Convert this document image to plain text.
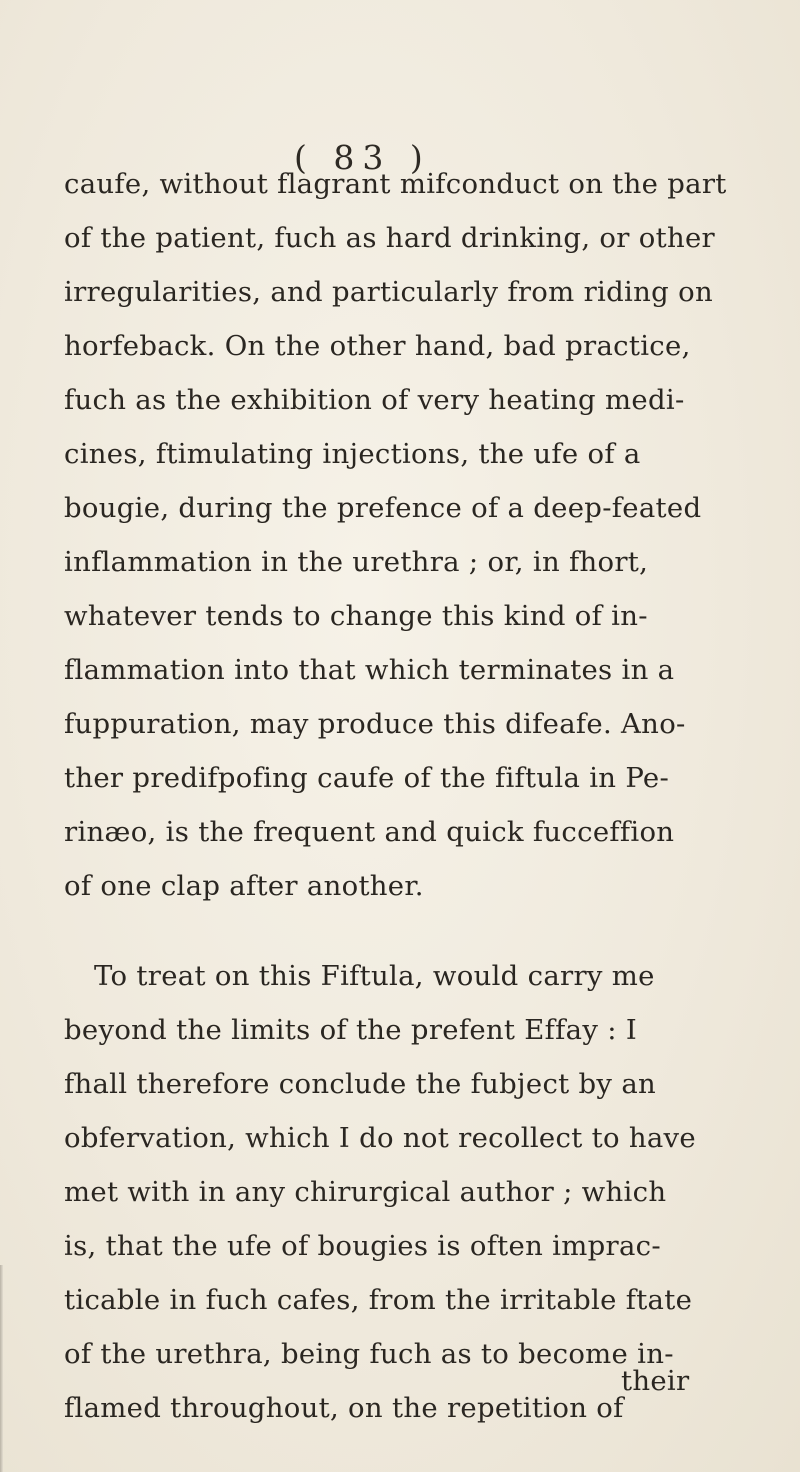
( 83 )
caufe, without flagrant mifconduct on the part
of the patient, fuch as hard drinking, or other
irregularities, and particularly from riding on
horfeback. On the other hand, bad practice,
fuch as the exhibition of very heating medi-
cines, ftimulating injections, the ufe of a
bougie, during the prefence of a deep-feated
inflammation in the urethra ; or, in fhort,
whatever tends to change this kind of in-
flammation into that which terminates in a
fuppuration, may produce this difeafe. Ano-
ther predifpofing caufe of the fiftula in Pe-
rinæo, is the frequent and quick fucceffion
of one clap after another.
To treat on this Fiftula, would carry me
beyond the limits of the prefent Effay : I
fhall therefore conclude the fubject by an
obfervation, which I do not recollect to have
met with in any chirurgical author ; which
is, that the ufe of bougies is often imprac-
ticable in fuch cafes, from the irritable ftate
of the urethra, being fuch as to become in-
flamed throughout, on the repetition of
their
